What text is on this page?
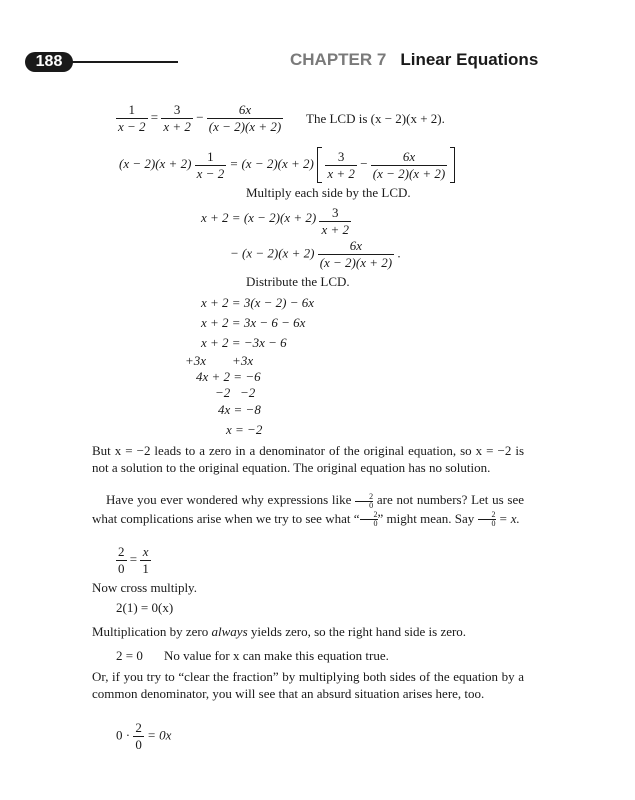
188	CHAPTER 7 Linear Equations
$\frac{1}{x - 2} = \frac{3}{x + 2} - \frac{6x}{(x - 2)(x + 2)}$ The LCD is (x − 2)(x + 2).
$(x - 2)(x + 2) \frac{1}{x - 2} = (x - 2)(x + 2) \frac{3}{x + 2} - \frac{6x}{(x - 2)(x + 2)}$

Multiply each side by the LCD.
$x + 2 = (x - 2)(x + 2) \frac{3}{x + 2}$
− $(x - 2)(x + 2) \frac{6x}{(x - 2)(x + 2)}$ .
Distribute the LCD.
x + 2 = 3(x − 2) − 6x
x + 2 = 3x − 6 − 6x
x + 2 = −3x − 6
+3x        +3x
4x + 2 = −6
−2   −2
4x = −8
x = −2
But x = −2 leads to a zero in a denominator of the original equation, so x = −2 is not a solution to the original equation. The original equation has no solution.
Have you ever wondered why expressions like $\frac{2}{0}$ are not numbers? Let us see what complications arise when we try to see what “ $\frac{2}{0}$ ” might mean. Say $\frac{2}{0} = x$.
$\frac{2}{0} = \frac{x}{1}$
Now cross multiply.
2(1) = 0(x)
Multiplication by zero always yields zero, so the right hand side is zero.
2 = 0 No value for x can make this equation true.
Or, if you try to “clear the fraction” by multiplying both sides of the equation by a common denominator, you will see that an absurd situation arises here, too.
$0 \cdot \frac{2}{0} = 0x$
